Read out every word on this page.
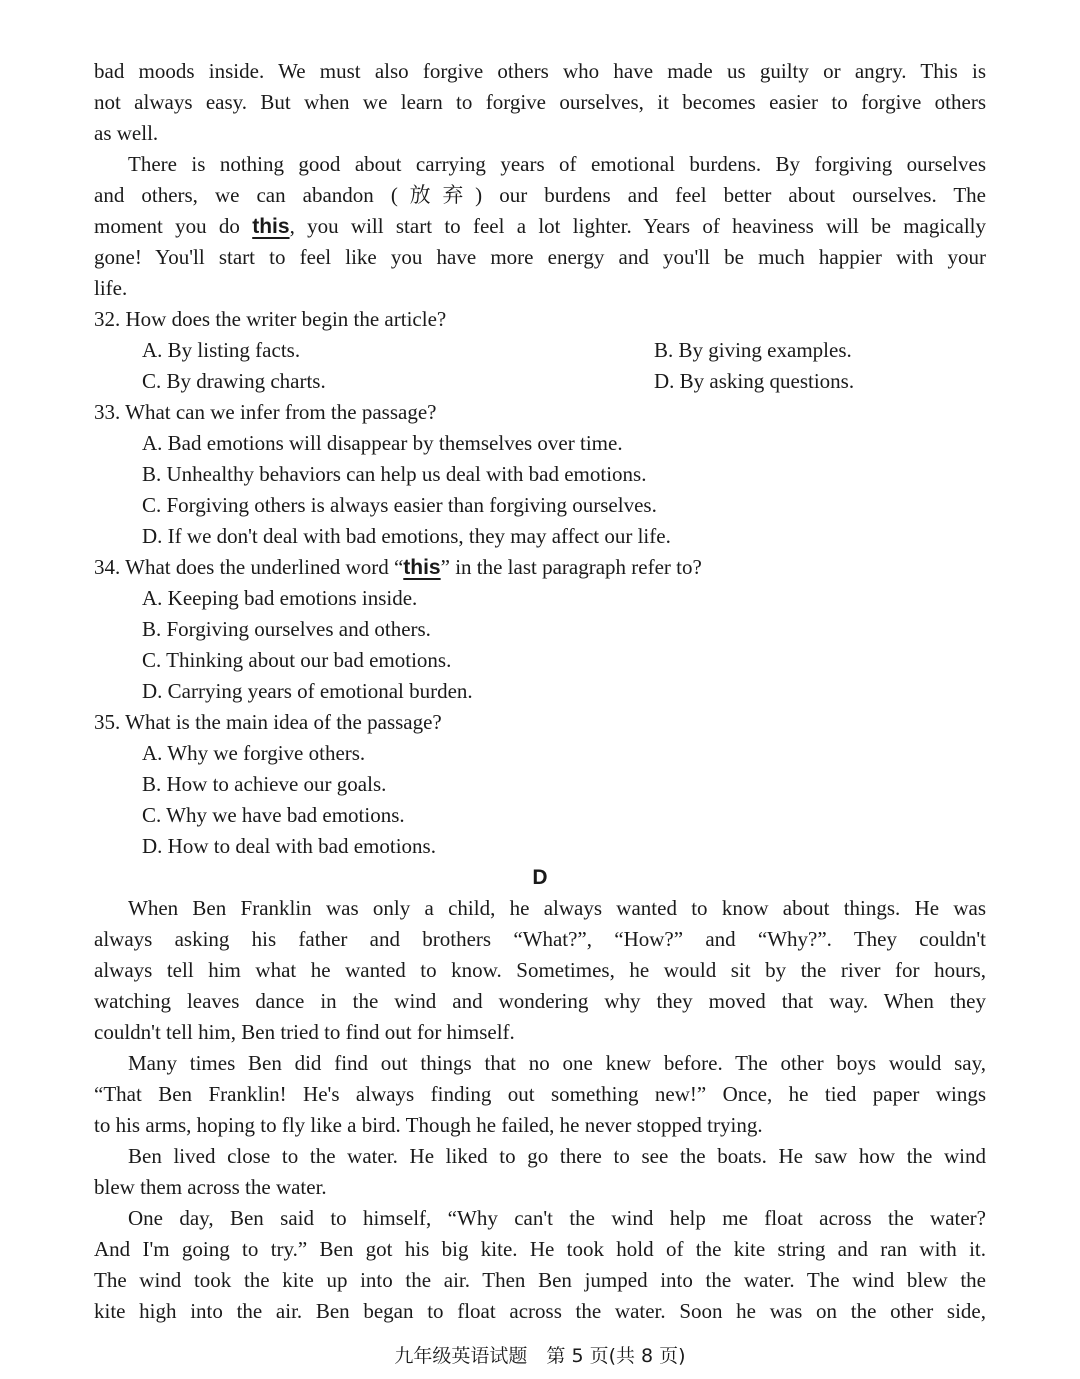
bad moods inside. We must also forgive others who have made us guilty or angry. This is
not always easy. But when we learn to forgive ourselves, it becomes easier to forgive others
as well.
There is nothing good about carrying years of emotional burdens. By forgiving ourselves
and others, we can abandon (放弃) our burdens and feel better about ourselves. The
moment you do this, you will start to feel a lot lighter. Years of heaviness will be magically
gone! You'll start to feel like you have more energy and you'll be much happier with your
life.
32. How does the writer begin the article?
A. By listing facts.	B. By giving examples.
C. By drawing charts.	D. By asking questions.
33. What can we infer from the passage?
A. Bad emotions will disappear by themselves over time.
B. Unhealthy behaviors can help us deal with bad emotions.
C. Forgiving others is always easier than forgiving ourselves.
D. If we don't deal with bad emotions, they may affect our life.
34. What does the underlined word “this” in the last paragraph refer to?
A. Keeping bad emotions inside.
B. Forgiving ourselves and others.
C. Thinking about our bad emotions.
D. Carrying years of emotional burden.
35. What is the main idea of the passage?
A. Why we forgive others.
B. How to achieve our goals.
C. Why we have bad emotions.
D. How to deal with bad emotions.
D
When Ben Franklin was only a child, he always wanted to know about things. He was
always asking his father and brothers “What?”, “How?” and “Why?”. They couldn't
always tell him what he wanted to know. Sometimes, he would sit by the river for hours,
watching leaves dance in the wind and wondering why they moved that way. When they
couldn't tell him, Ben tried to find out for himself.
Many times Ben did find out things that no one knew before. The other boys would say,
“That Ben Franklin! He's always finding out something new!” Once, he tied paper wings
to his arms, hoping to fly like a bird. Though he failed, he never stopped trying.
Ben lived close to the water. He liked to go there to see the boats. He saw how the wind
blew them across the water.
One day, Ben said to himself, “Why can't the wind help me float across the water?
And I'm going to try.” Ben got his big kite. He took hold of the kite string and ran with it.
The wind took the kite up into the air. Then Ben jumped into the water. The wind blew the
kite high into the air. Ben began to float across the water. Soon he was on the other side,
九年级英语试题　第 5 页(共 8 页)
